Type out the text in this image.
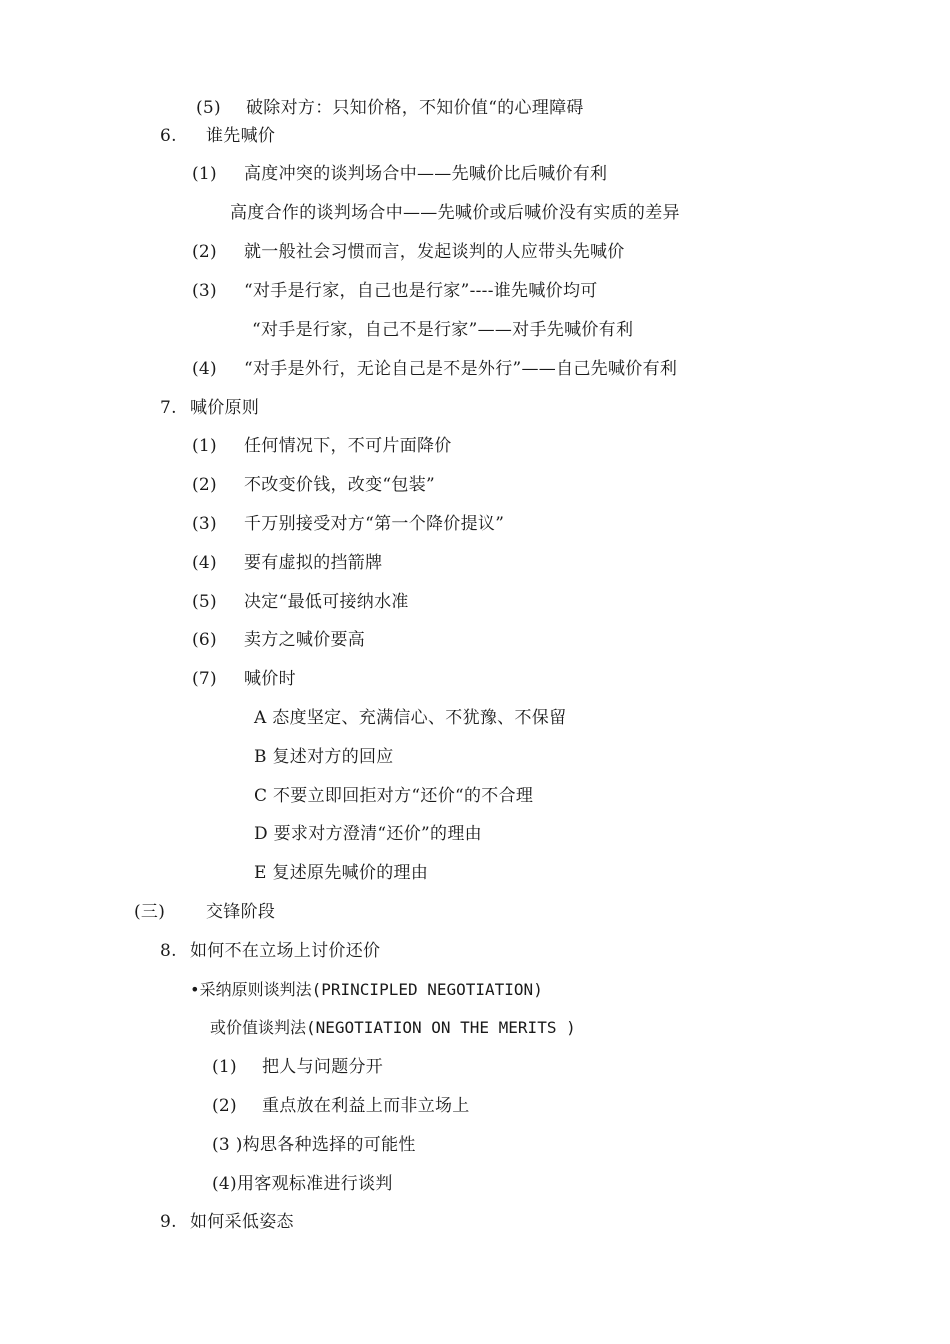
(5) 破除对方：只知价格，不知价值“的心理障碍
6. 谁先喊价
(1) 高度冲突的谈判场合中——先喊价比后喊价有利
高度合作的谈判场合中——先喊价或后喊价没有实质的差异
(2) 就一般社会习惯而言，发起谈判的人应带头先喊价
(3) “对手是行家，自己也是行家”----谁先喊价均可
“对手是行家，自己不是行家”——对手先喊价有利
(4) “对手是外行，无论自己是不是外行”——自己先喊价有利
7. 喊价原则
(1) 任何情况下，不可片面降价
(2) 不改变价钱，改变“包装”
(3) 千万别接受对方“第一个降价提议”
(4) 要有虚拟的挡箭牌
(5) 决定“最低可接纳水准
(6) 卖方之喊价要高
(7) 喊价时
A 态度坚定、充满信心、不犹豫、不保留
B 复述对方的回应
C 不要立即回拒对方“还价“的不合理
D 要求对方澄清“还价”的理由
E 复述原先喊价的理由
(三) 交锋阶段
8. 如何不在立场上讨价还价
•采纳原则谈判法(PRINCIPLED NEGOTIATION)
或价值谈判法(NEGOTIATION ON THE MERITS )
(1) 把人与问题分开
(2) 重点放在利益上而非立场上
(3 )构思各种选择的可能性
(4)用客观标准进行谈判
9. 如何采低姿态
